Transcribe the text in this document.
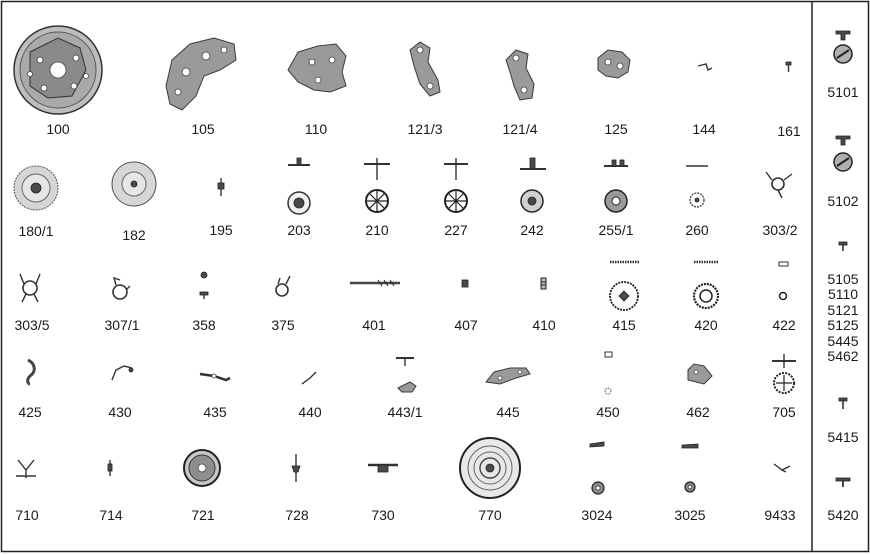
100	105	110	121/3	121/4	125	144	161
180/1	182	195	203	210	227	242	255/1	260	303/2
303/5	307/1	358	375	401	407	410	415	420	422
425	430	435	440	443/1	445	450	462	705
710	714	721	728	730	770	3024	3025	9433
5101
5102
5105
5110
5121
5125
5445
5462
5415
5420
